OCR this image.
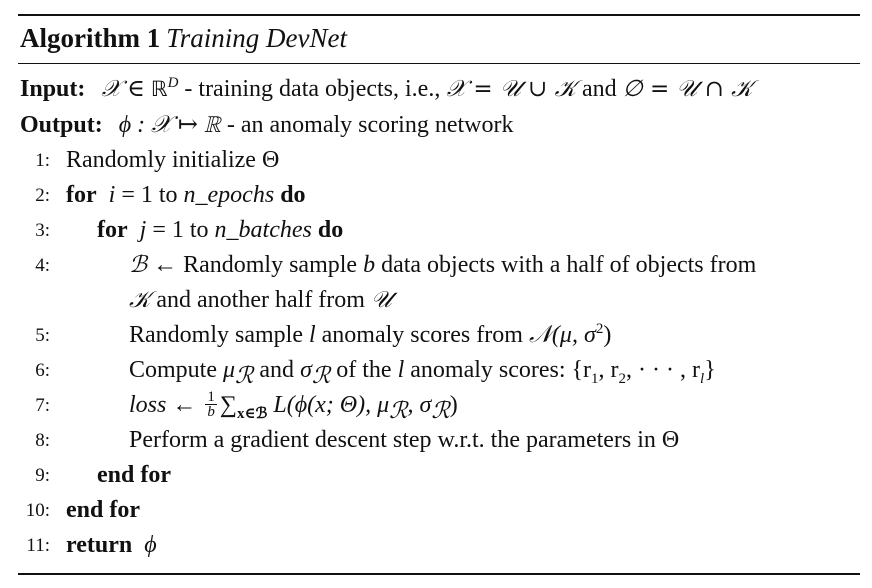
Algorithm 1 Training DevNet
Input: 𝒳 ∈ ℝ$^D$ - training data objects, i.e., 𝒳 = 𝒰 ∪ 𝒦 and ∅ = 𝒰 ∩ 𝒦
Output: ϕ : 𝒳 ↦ ℝ - an anomaly scoring network
1: Randomly initialize Θ
2: for i = 1 to n_epochs do
3: for j = 1 to n_batches do
4:	ℬ ← Randomly sample b data objects with a half of objects from
𝒦 and another half from 𝒰
5:	Randomly sample l anomaly scores from 𝒩(μ, $\sigma^2$)
6:	Compute $\mu_ℛ$ and $\sigma_ℛ$ of the l anomaly scores: {$r_1$, $r_2$, · · · , $r_l$}
7:	loss ← $\frac{1}{b} \sum_{x\in ℬ}$ L(ϕ(x; Θ), $\mu_ℛ$, $\sigma_ℛ$)
8:	Perform a gradient descent step w.r.t. the parameters in Θ
9: end for
10: end for
11: return ϕ
